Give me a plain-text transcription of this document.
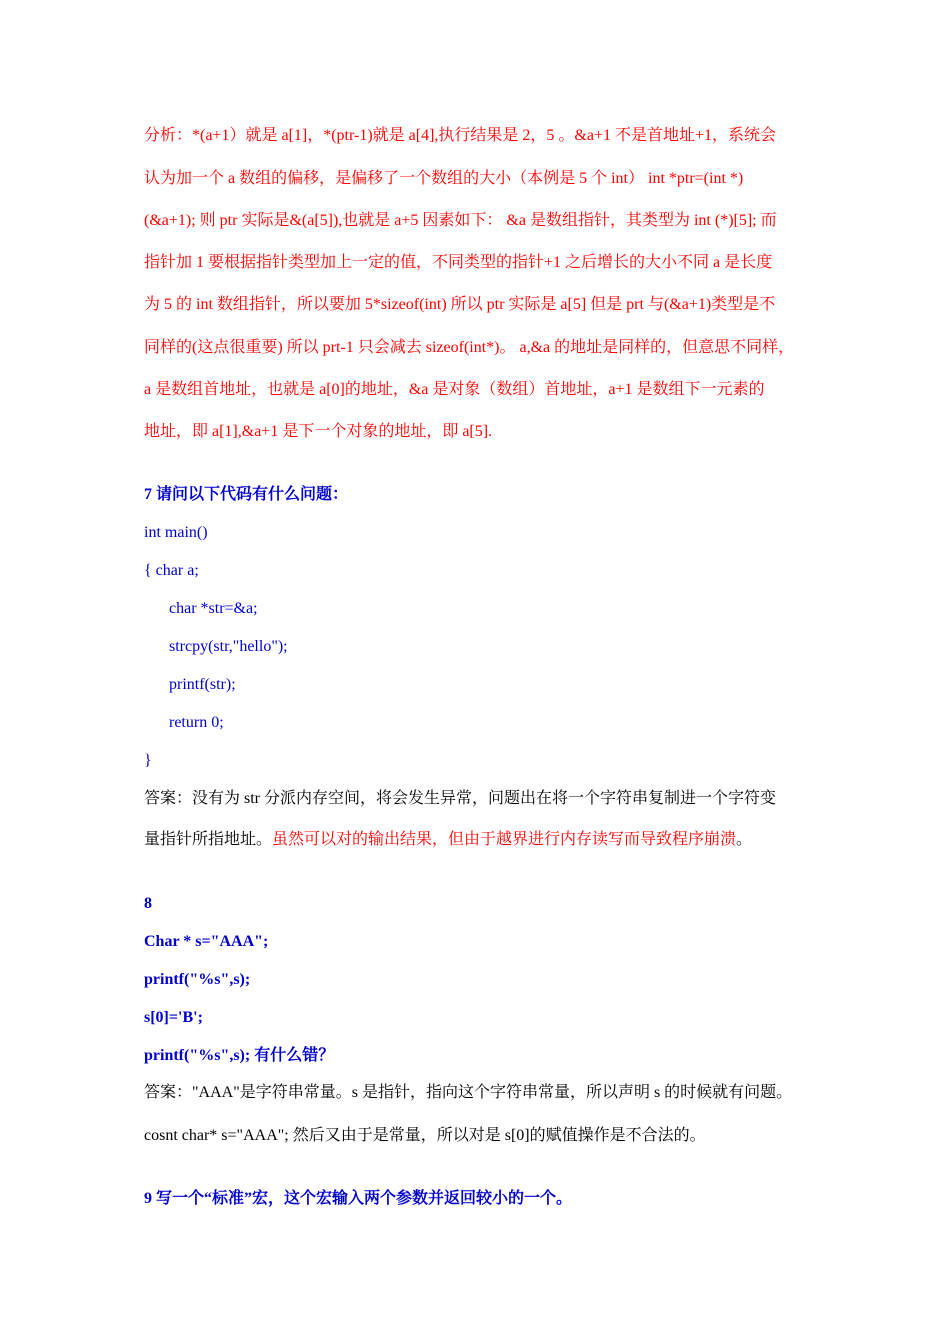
分析：*(a+1）就是 a[1]，*(ptr-1)就是 a[4],执行结果是 2，5 。&a+1 不是首地址+1，系统会
认为加一个 a 数组的偏移，是偏移了一个数组的大小（本例是 5 个 int） int *ptr=(int *)
(&a+1); 则 ptr 实际是&(a[5]),也就是 a+5 因素如下： &a 是数组指针，其类型为 int (*)[5]; 而
指针加 1 要根据指针类型加上一定的值，不同类型的指针+1 之后增长的大小不同 a 是长度
为 5 的 int 数组指针，所以要加 5*sizeof(int) 所以 ptr 实际是 a[5] 但是 prt 与(&a+1)类型是不
同样的(这点很重要) 所以 prt-1 只会减去 sizeof(int*)。 a,&a 的地址是同样的，但意思不同样，
a 是数组首地址，也就是 a[0]的地址，&a 是对象（数组）首地址，a+1 是数组下一元素的
地址，即 a[1],&a+1 是下一个对象的地址，即 a[5].
7 请问以下代码有什么问题：
int main()
{ char a;
char *str=&a;
strcpy(str,"hello");
printf(str);
return 0;
}
答案：没有为 str 分派内存空间，将会发生异常，问题出在将一个字符串复制进一个字符变
量指针所指地址。虽然可以对的输出结果，但由于越界进行内存读写而导致程序崩溃。
8
Char * s="AAA";
printf("%s",s);
s[0]='B';
printf("%s",s); 有什么错？
答案："AAA"是字符串常量。s 是指针，指向这个字符串常量，所以声明 s 的时候就有问题。
cosnt char* s="AAA"; 然后又由于是常量，所以对是 s[0]的赋值操作是不合法的。
9 写一个“标准”宏，这个宏输入两个参数并返回较小的一个。
